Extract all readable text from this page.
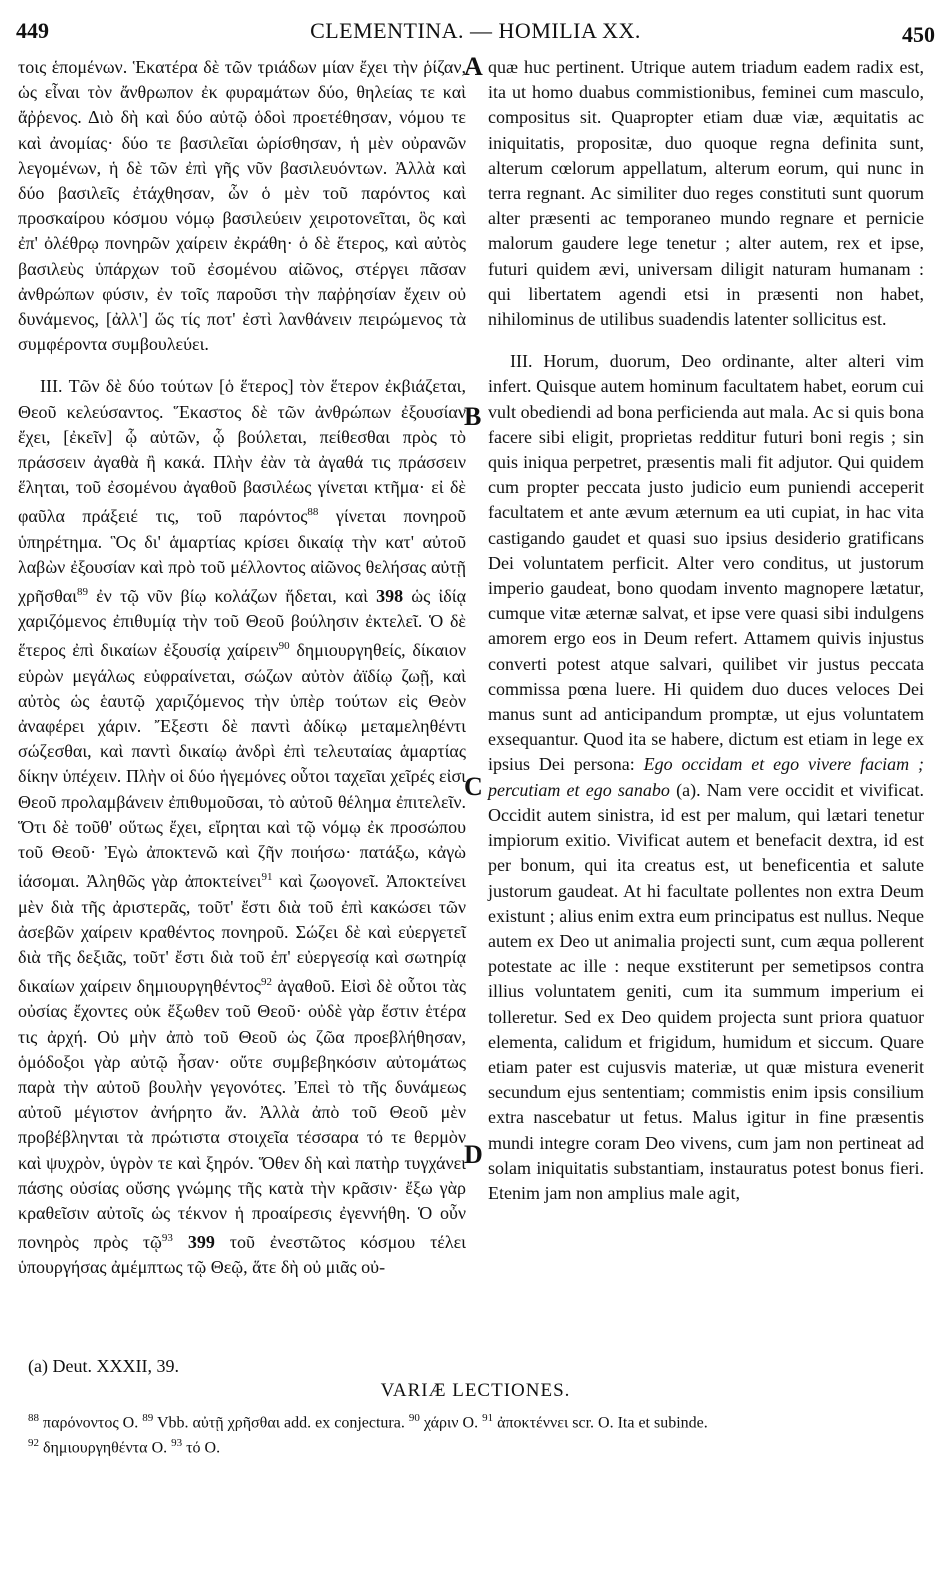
449	CLEMENTINA. — HOMILIA XX.	450
A
B
C
D

τοις ἑπομένων. Ἑκατέρα δὲ τῶν τριάδων μίαν ἔχει τὴν ῥίζαν, ὡς εἶναι τὸν ἄνθρωπον ἐκ φυραμάτων δύο, θηλείας τε καὶ ἄῤῥενος. Διὸ δὴ καὶ δύο αὐτῷ ὁδοὶ προετέθησαν, νόμου τε καὶ ἀνομίας· δύο τε βασιλεῖαι ὡρίσθησαν, ἡ μὲν οὐρανῶν λεγομένων, ἡ δὲ τῶν ἐπὶ γῆς νῦν βασιλευόντων. Ἀλλὰ καὶ δύο βασιλεῖς ἐτάχθησαν, ὧν ὁ μὲν τοῦ παρόντος καὶ προσκαίρου κόσμου νόμῳ βασιλεύειν χειροτονεῖται, ὃς καὶ ἐπ' ὀλέθρῳ πονηρῶν χαίρειν ἐκράθη· ὁ δὲ ἕτερος, καὶ αὐτὸς βασιλεὺς ὑπάρχων τοῦ ἐσομένου αἰῶνος, στέργει πᾶσαν ἀνθρώπων φύσιν, ἐν τοῖς παροῦσι τὴν παῤῥησίαν ἔχειν οὐ δυνάμενος, [ἀλλ'] ὥς τίς ποτ' ἐστὶ λανθάνειν πειρώμενος τὰ συμφέροντα συμβουλεύει.

III. Τῶν δὲ δύο τούτων [ὁ ἕτερος] τὸν ἕτερον ἐκβιάζεται, Θεοῦ κελεύσαντος. Ἕκαστος δὲ τῶν ἀνθρώπων ἐξουσίαν ἔχει, [ἐκεῖν] ᾧ αὐτῶν, ᾧ βούλεται, πείθεσθαι πρὸς τὸ πράσσειν ἀγαθὰ ἢ κακά. Πλὴν ἐὰν τὰ ἀγαθά τις πράσσειν ἕληται, τοῦ ἐσομένου ἀγαθοῦ βασιλέως γίνεται κτῆμα· εἰ δὲ φαῦλα πράξειέ τις, τοῦ παρόντος$^{88}$ γίνεται πονηροῦ ὑπηρέτημα. Ὃς δι' ἁμαρτίας κρίσει δικαίᾳ τὴν κατ' αὐτοῦ λαβὼν ἐξουσίαν καὶ πρὸ τοῦ μέλλοντος αἰῶνος θελήσας αὐτῇ χρῆσθαι$^{89}$ ἐν τῷ νῦν βίῳ κολάζων ἥδεται, καὶ 398 ὡς ἰδίᾳ χαριζόμενος ἐπιθυμίᾳ τὴν τοῦ Θεοῦ βούλησιν ἐκτελεῖ. Ὁ δὲ ἕτερος ἐπὶ δικαίων ἐξουσίᾳ χαίρειν$^{90}$ δημιουργηθείς, δίκαιον εὑρὼν μεγάλως εὐφραίνεται, σώζων αὐτὸν ἀϊδίῳ ζωῇ, καὶ αὐτὸς ὡς ἑαυτῷ χαριζόμενος τὴν ὑπὲρ τούτων εἰς Θεὸν ἀναφέρει χάριν. Ἔξεστι δὲ παντὶ ἀδίκῳ μεταμεληθέντι σώζεσθαι, καὶ παντὶ δικαίῳ ἀνδρὶ ἐπὶ τελευταίας ἁμαρτίας δίκην ὑπέχειν. Πλὴν οἱ δύο ἡγεμόνες οὗτοι ταχεῖαι χεῖρές εἰσι Θεοῦ προλαμβάνειν ἐπιθυμοῦσαι, τὸ αὐτοῦ θέλημα ἐπιτελεῖν. Ὅτι δὲ τοῦθ' οὕτως ἔχει, εἴρηται καὶ τῷ νόμῳ ἐκ προσώπου τοῦ Θεοῦ· Ἐγὼ ἀποκτενῶ καὶ ζῆν ποιήσω· πατάξω, κἀγὼ ἰάσομαι. Ἀληθῶς γὰρ ἀποκτείνει$^{91}$ καὶ ζωογονεῖ. Ἀποκτείνει μὲν διὰ τῆς ἀριστερᾶς, τοῦτ' ἔστι διὰ τοῦ ἐπὶ κακώσει τῶν ἀσεβῶν χαίρειν κραθέντος πονηροῦ. Σώζει δὲ καὶ εὐεργετεῖ διὰ τῆς δεξιᾶς, τοῦτ' ἔστι διὰ τοῦ ἐπ' εὐεργεσίᾳ καὶ σωτηρίᾳ δικαίων χαίρειν δημιουργηθέντος$^{92}$ ἀγαθοῦ. Εἰσὶ δὲ οὗτοι τὰς οὐσίας ἔχοντες οὐκ ἔξωθεν τοῦ Θεοῦ· οὐδὲ γὰρ ἔστιν ἑτέρα τις ἀρχή. Οὐ μὴν ἀπὸ τοῦ Θεοῦ ὡς ζῶα προεβλήθησαν, ὁμόδοξοι γὰρ αὐτῷ ἦσαν· οὔτε συμβεβηκόσιν αὐτομάτως παρὰ τὴν αὐτοῦ βουλὴν γεγονότες. Ἐπεὶ τὸ τῆς δυνάμεως αὐτοῦ μέγιστον ἀνήρητο ἄν. Ἀλλὰ ἀπὸ τοῦ Θεοῦ μὲν προβέβληνται τὰ πρώτιστα στοιχεῖα τέσσαρα τό τε θερμὸν καὶ ψυχρὸν, ὑγρὸν τε καὶ ξηρόν. Ὅθεν δὴ καὶ πατὴρ τυγχάνει πάσης οὐσίας οὔσης γνώμης τῆς κατὰ τὴν κρᾶσιν· ἔξω γὰρ κραθεῖσιν αὐτοῖς ὡς τέκνον ἡ προαίρεσις ἐγεννήθη. Ὁ οὖν πονηρὸς πρὸς τῷ$^{93}$ 399 τοῦ ἐνεστῶτος κόσμου τέλει ὑπουργήσας ἀμέμπτως τῷ Θεῷ, ἅτε δὴ οὐ μιᾶς οὐ-

quæ huc pertinent. Utrique autem triadum eadem radix est, ita ut homo duabus commistionibus, feminei cum masculo, compositus sit. Quapropter etiam duæ viæ, æquitatis ac iniquitatis, propositæ, duo quoque regna definita sunt, alterum cœlorum appellatum, alterum eorum, qui nunc in terra regnant. Ac similiter duo reges constituti sunt quorum alter præsenti ac temporaneo mundo regnare et pernicie malorum gaudere lege tenetur ; alter autem, rex et ipse, futuri quidem ævi, universam diligit naturam humanam : qui libertatem agendi etsi in præsenti non habet, nihilominus de utilibus suadendis latenter sollicitus est.

III. Horum, duorum, Deo ordinante, alter alteri vim infert. Quisque autem hominum facultatem habet, eorum cui vult obediendi ad bona perficienda aut mala. Ac si quis bona facere sibi eligit, proprietas redditur futuri boni regis ; sin quis iniqua perpetret, præsentis mali fit adjutor. Qui quidem cum propter peccata justo judicio eum puniendi acceperit facultatem et ante ævum æternum ea uti cupiat, in hac vita castigando gaudet et quasi suo ipsius desiderio gratificans Dei voluntatem perficit. Alter vero conditus, ut justorum imperio gaudeat, bono quodam invento magnopere lætatur, cumque vitæ æternæ salvat, et ipse vere quasi sibi indulgens amorem ergo eos in Deum refert. Attamem quivis injustus converti potest atque salvari, quilibet vir justus peccata commissa pœna luere. Hi quidem duo duces veloces Dei manus sunt ad anticipandum promptæ, ut ejus voluntatem exsequantur. Quod ita se habere, dictum est etiam in lege ex ipsius Dei persona: Ego occidam et ego vivere faciam ; percutiam et ego sanabo (a). Nam vere occidit et vivificat. Occidit autem sinistra, id est per malum, qui lætari tenetur impiorum exitio. Vivificat autem et benefacit dextra, id est per bonum, qui ita creatus est, ut beneficentia et salute justorum gaudeat. At hi facultate pollentes non extra Deum existunt ; alius enim extra eum principatus est nullus. Neque autem ex Deo ut animalia projecti sunt, cum æqua pollerent potestate ac ille : neque exstiterunt per semetipsos contra illius voluntatem geniti, cum ita summum imperium ei tolleretur. Sed ex Deo quidem projecta sunt priora quatuor elementa, calidum et frigidum, humidum et siccum. Quare etiam pater est cujusvis materiæ, ut quæ mistura evenerit secundum ejus sententiam; commistis enim ipsis consilium extra nascebatur ut fetus. Malus igitur in fine præsentis mundi integre coram Deo vivens, cum jam non pertineat ad solam iniquitatis substantiam, instauratus potest bonus fieri. Etenim jam non amplius male agit,

(a) Deut. XXXII, 39.
VARIÆ LECTIONES.

$^{88}$ παρόνοντος O. $^{89}$ Vbb. αὐτῇ χρῆσθαι add. ex conjectura. $^{90}$ χάριν O. $^{91}$ ἀποκτέννει scr. O. Ita et subinde.

$^{92}$ δημιουργηθέντα O. $^{93}$ τό O.
